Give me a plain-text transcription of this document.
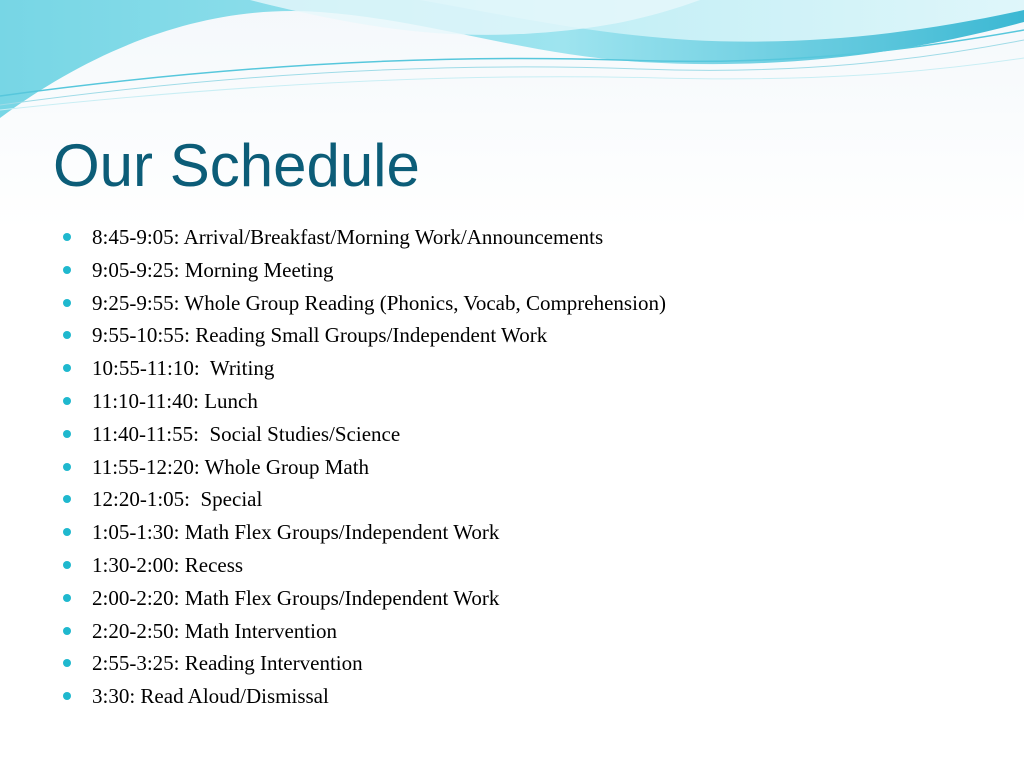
Our Schedule
8:45-9:05: Arrival/Breakfast/Morning Work/Announcements
9:05-9:25: Morning Meeting
9:25-9:55: Whole Group Reading (Phonics, Vocab, Comprehension)
9:55-10:55: Reading Small Groups/Independent Work
10:55-11:10:  Writing
11:10-11:40: Lunch
11:40-11:55:  Social Studies/Science
11:55-12:20: Whole Group Math
12:20-1:05:  Special
1:05-1:30: Math Flex Groups/Independent Work
1:30-2:00: Recess
2:00-2:20: Math Flex Groups/Independent Work
2:20-2:50: Math Intervention
2:55-3:25: Reading Intervention
3:30: Read Aloud/Dismissal
